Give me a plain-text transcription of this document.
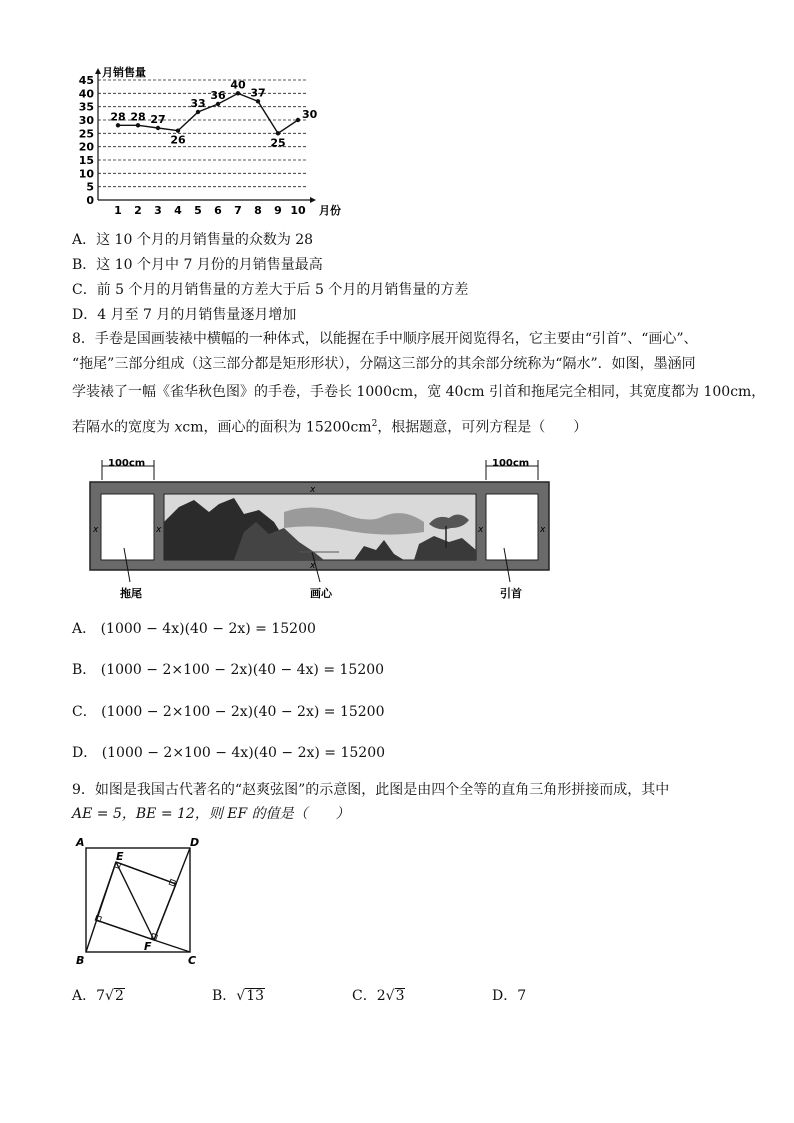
0
5
10
15
20
25
30
35
40
45
1 2 3 4 5 6 7 8 9 10
28 28 27
26
33
36
40
37
25
30
月销售量
月份
A．这 10 个月的月销售量的众数为 28
B．这 10 个月中 7 月份的月销售量最高
C．前 5 个月的月销售量的方差大于后 5 个月的月销售量的方差
D．4 月至 7 月的月销售量逐月增加
8．手卷是国画装裱中横幅的一种体式，以能握在手中顺序展开阅览得名，它主要由“引首”、“画心”、
“拖尾”三部分组成（这三部分都是矩形形状），分隔这三部分的其余部分统称为“隔水”．如图，墨涵同
学装裱了一幅《雀华秋色图》的手卷，手卷长 1000cm，宽 40cm 引首和拖尾完全相同，其宽度都为 100cm，
若隔水的宽度为 xcm，画心的面积为 $15200cm^2$，根据题意，可列方程是（　　）
100cm	100cm
x
x
x	x	x	x
拖尾	画心	引首
A． (1000 − 4x)(40 − 2x) = 15200
B． (1000 − 2×100 − 2x)(40 − 4x) = 15200
C． (1000 − 2×100 − 2x)(40 − 2x) = 15200
D． (1000 − 2×100 − 4x)(40 − 2x) = 15200
9．如图是我国古代著名的“赵爽弦图”的示意图，此图是由四个全等的直角三角形拼接而成，其中
AE = 5，BE = 12，则 EF 的值是（　　）
A	D
B	C
E
F
A．7√2	B．√13	C．2√3	D．7
